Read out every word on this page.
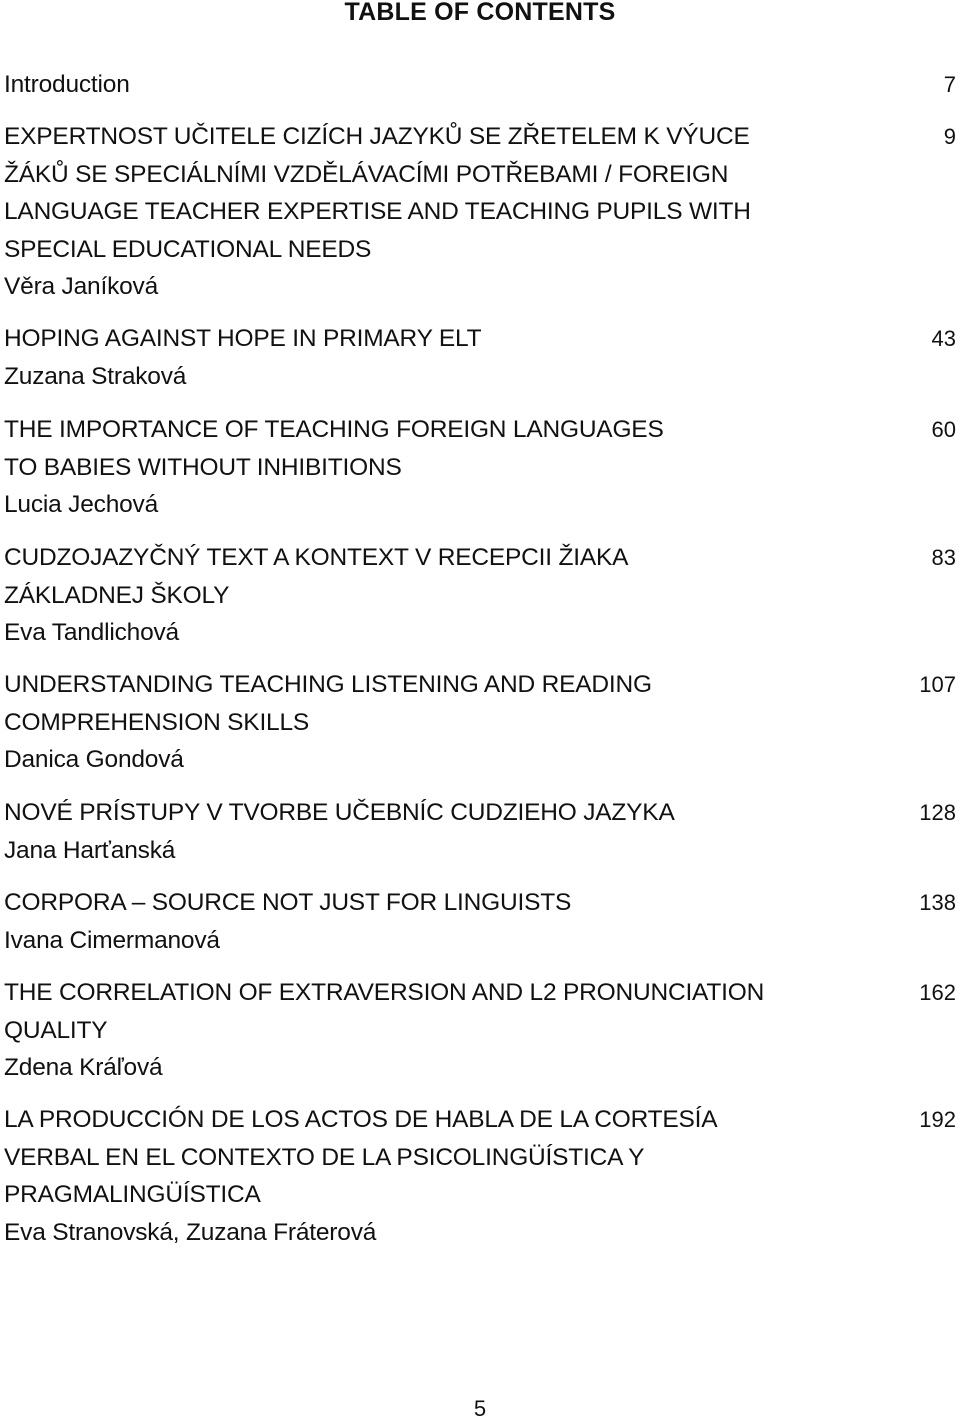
TABLE OF CONTENTS
Introduction	7
EXPERTNOST UČITELE CIZÍCH JAZYKŮ SE ZŘETELEM K VÝUCE
ŽÁKŮ SE SPECIÁLNÍMI VZDĚLÁVACÍMI POTŘEBAMI / FOREIGN
LANGUAGE TEACHER EXPERTISE AND TEACHING PUPILS WITH
SPECIAL EDUCATIONAL NEEDS
Věra Janíková
9
HOPING AGAINST HOPE IN PRIMARY ELT
Zuzana Straková
43
THE IMPORTANCE OF TEACHING FOREIGN LANGUAGES
TO BABIES WITHOUT INHIBITIONS
Lucia Jechová
60
CUDZOJAZYČNÝ TEXT A KONTEXT V RECEPCII ŽIAKA
ZÁKLADNEJ ŠKOLY
Eva Tandlichová
83
UNDERSTANDING TEACHING LISTENING AND READING
COMPREHENSION SKILLS
Danica Gondová
107
NOVÉ PRÍSTUPY V TVORBE UČEBNÍC CUDZIEHO JAZYKA
Jana Harťanská
128
CORPORA – SOURCE NOT JUST FOR LINGUISTS
Ivana Cimermanová
138
THE CORRELATION OF EXTRAVERSION AND L2 PRONUNCIATION
QUALITY
Zdena Kráľová
162
LA PRODUCCIÓN DE LOS ACTOS DE HABLA DE LA CORTESÍA
VERBAL EN EL CONTEXTO DE LA PSICOLINGÜÍSTICA Y
PRAGMALINGÜÍSTICA
Eva Stranovská, Zuzana Fráterová
192
5
